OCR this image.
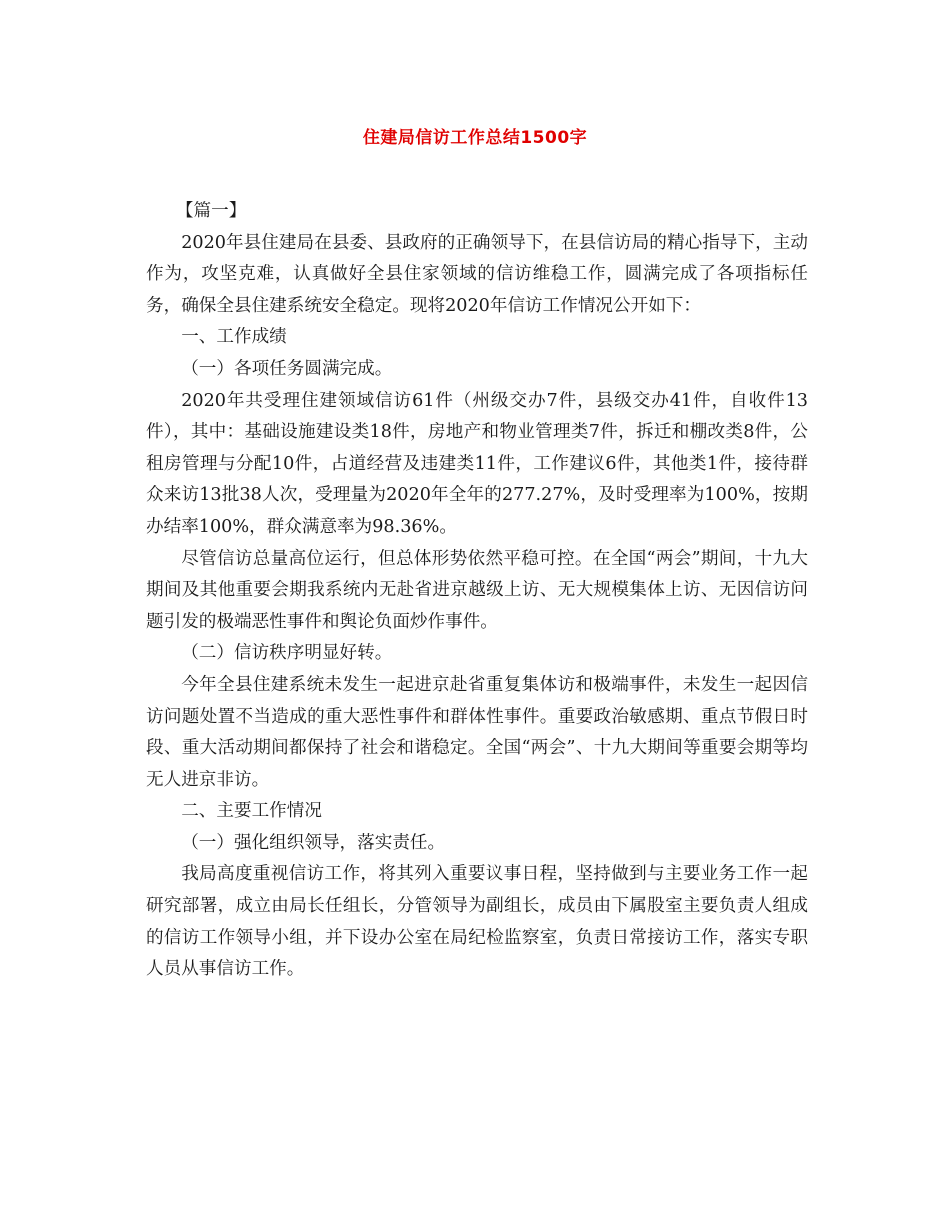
住建局信访工作总结1500字

【篇一】

2020年县住建局在县委、县政府的正确领导下，在县信访局的精心指导下，主动作为，攻坚克难，认真做好全县住家领域的信访维稳工作，圆满完成了各项指标任务，确保全县住建系统安全稳定。现将2020年信访工作情况公开如下：

一、工作成绩

（一）各项任务圆满完成。

2020年共受理住建领域信访61件（州级交办7件，县级交办41件，自收件13件），其中：基础设施建设类18件，房地产和物业管理类7件，拆迁和棚改类8件，公租房管理与分配10件，占道经营及违建类11件，工作建议6件，其他类1件，接待群众来访13批38人次，受理量为2020年全年的277.27%，及时受理率为100%，按期办结率100%，群众满意率为98.36%。

尽管信访总量高位运行，但总体形势依然平稳可控。在全国“两会”期间，十九大期间及其他重要会期我系统内无赴省进京越级上访、无大规模集体上访、无因信访问题引发的极端恶性事件和舆论负面炒作事件。

（二）信访秩序明显好转。

今年全县住建系统未发生一起进京赴省重复集体访和极端事件，未发生一起因信访问题处置不当造成的重大恶性事件和群体性事件。重要政治敏感期、重点节假日时段、重大活动期间都保持了社会和谐稳定。全国“两会”、十九大期间等重要会期等均无人进京非访。

二、主要工作情况

（一）强化组织领导，落实责任。

我局高度重视信访工作，将其列入重要议事日程，坚持做到与主要业务工作一起研究部署，成立由局长任组长，分管领导为副组长，成员由下属股室主要负责人组成的信访工作领导小组，并下设办公室在局纪检监察室，负责日常接访工作，落实专职人员从事信访工作。
